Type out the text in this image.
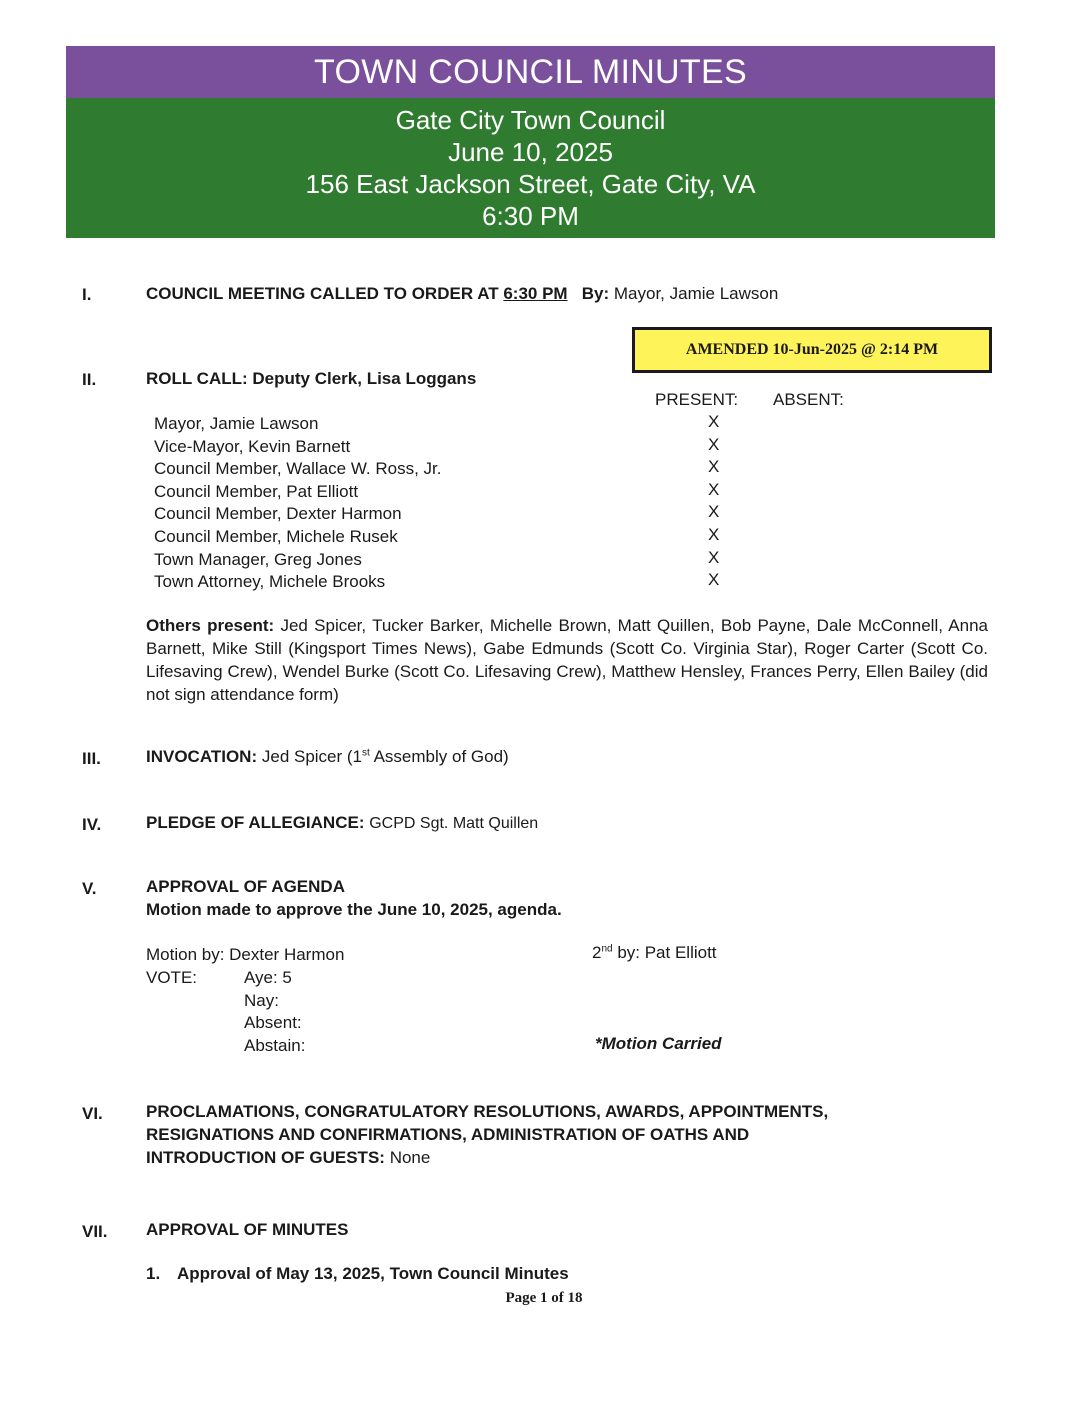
TOWN COUNCIL MINUTES
Gate City Town Council
June 10, 2025
156 East Jackson Street, Gate City, VA
6:30 PM
I.	COUNCIL MEETING CALLED TO ORDER AT 6:30 PM By: Mayor, Jamie Lawson
AMENDED 10-Jun-2025 @ 2:14 PM
II.	ROLL CALL: Deputy Clerk, Lisa Loggans
PRESENT: ABSENT:
Mayor, Jamie Lawson	X
Vice-Mayor, Kevin Barnett	X
Council Member, Wallace W. Ross, Jr.	X
Council Member, Pat Elliott	X
Council Member, Dexter Harmon	X
Council Member, Michele Rusek	X
Town Manager, Greg Jones	X
Town Attorney, Michele Brooks	X
Others present: Jed Spicer, Tucker Barker, Michelle Brown, Matt Quillen, Bob Payne, Dale McConnell, Anna Barnett, Mike Still (Kingsport Times News), Gabe Edmunds (Scott Co. Virginia Star), Roger Carter (Scott Co. Lifesaving Crew), Wendel Burke (Scott Co. Lifesaving Crew), Matthew Hensley, Frances Perry, Ellen Bailey (did not sign attendance form)
III.	INVOCATION: Jed Spicer (1st Assembly of God)
IV.	PLEDGE OF ALLEGIANCE: GCPD Sgt. Matt Quillen
V.	APPROVAL OF AGENDA
Motion made to approve the June 10, 2025, agenda.
Motion by: Dexter Harmon	2nd by: Pat Elliott
VOTE:	Aye: 5
Nay:
Absent:
Abstain:	*Motion Carried
VI.	PROCLAMATIONS, CONGRATULATORY RESOLUTIONS, AWARDS, APPOINTMENTS,
RESIGNATIONS AND CONFIRMATIONS, ADMINISTRATION OF OATHS AND
INTRODUCTION OF GUESTS: None
VII. APPROVAL OF MINUTES
1. Approval of May 13, 2025, Town Council Minutes
Page 1 of 18
